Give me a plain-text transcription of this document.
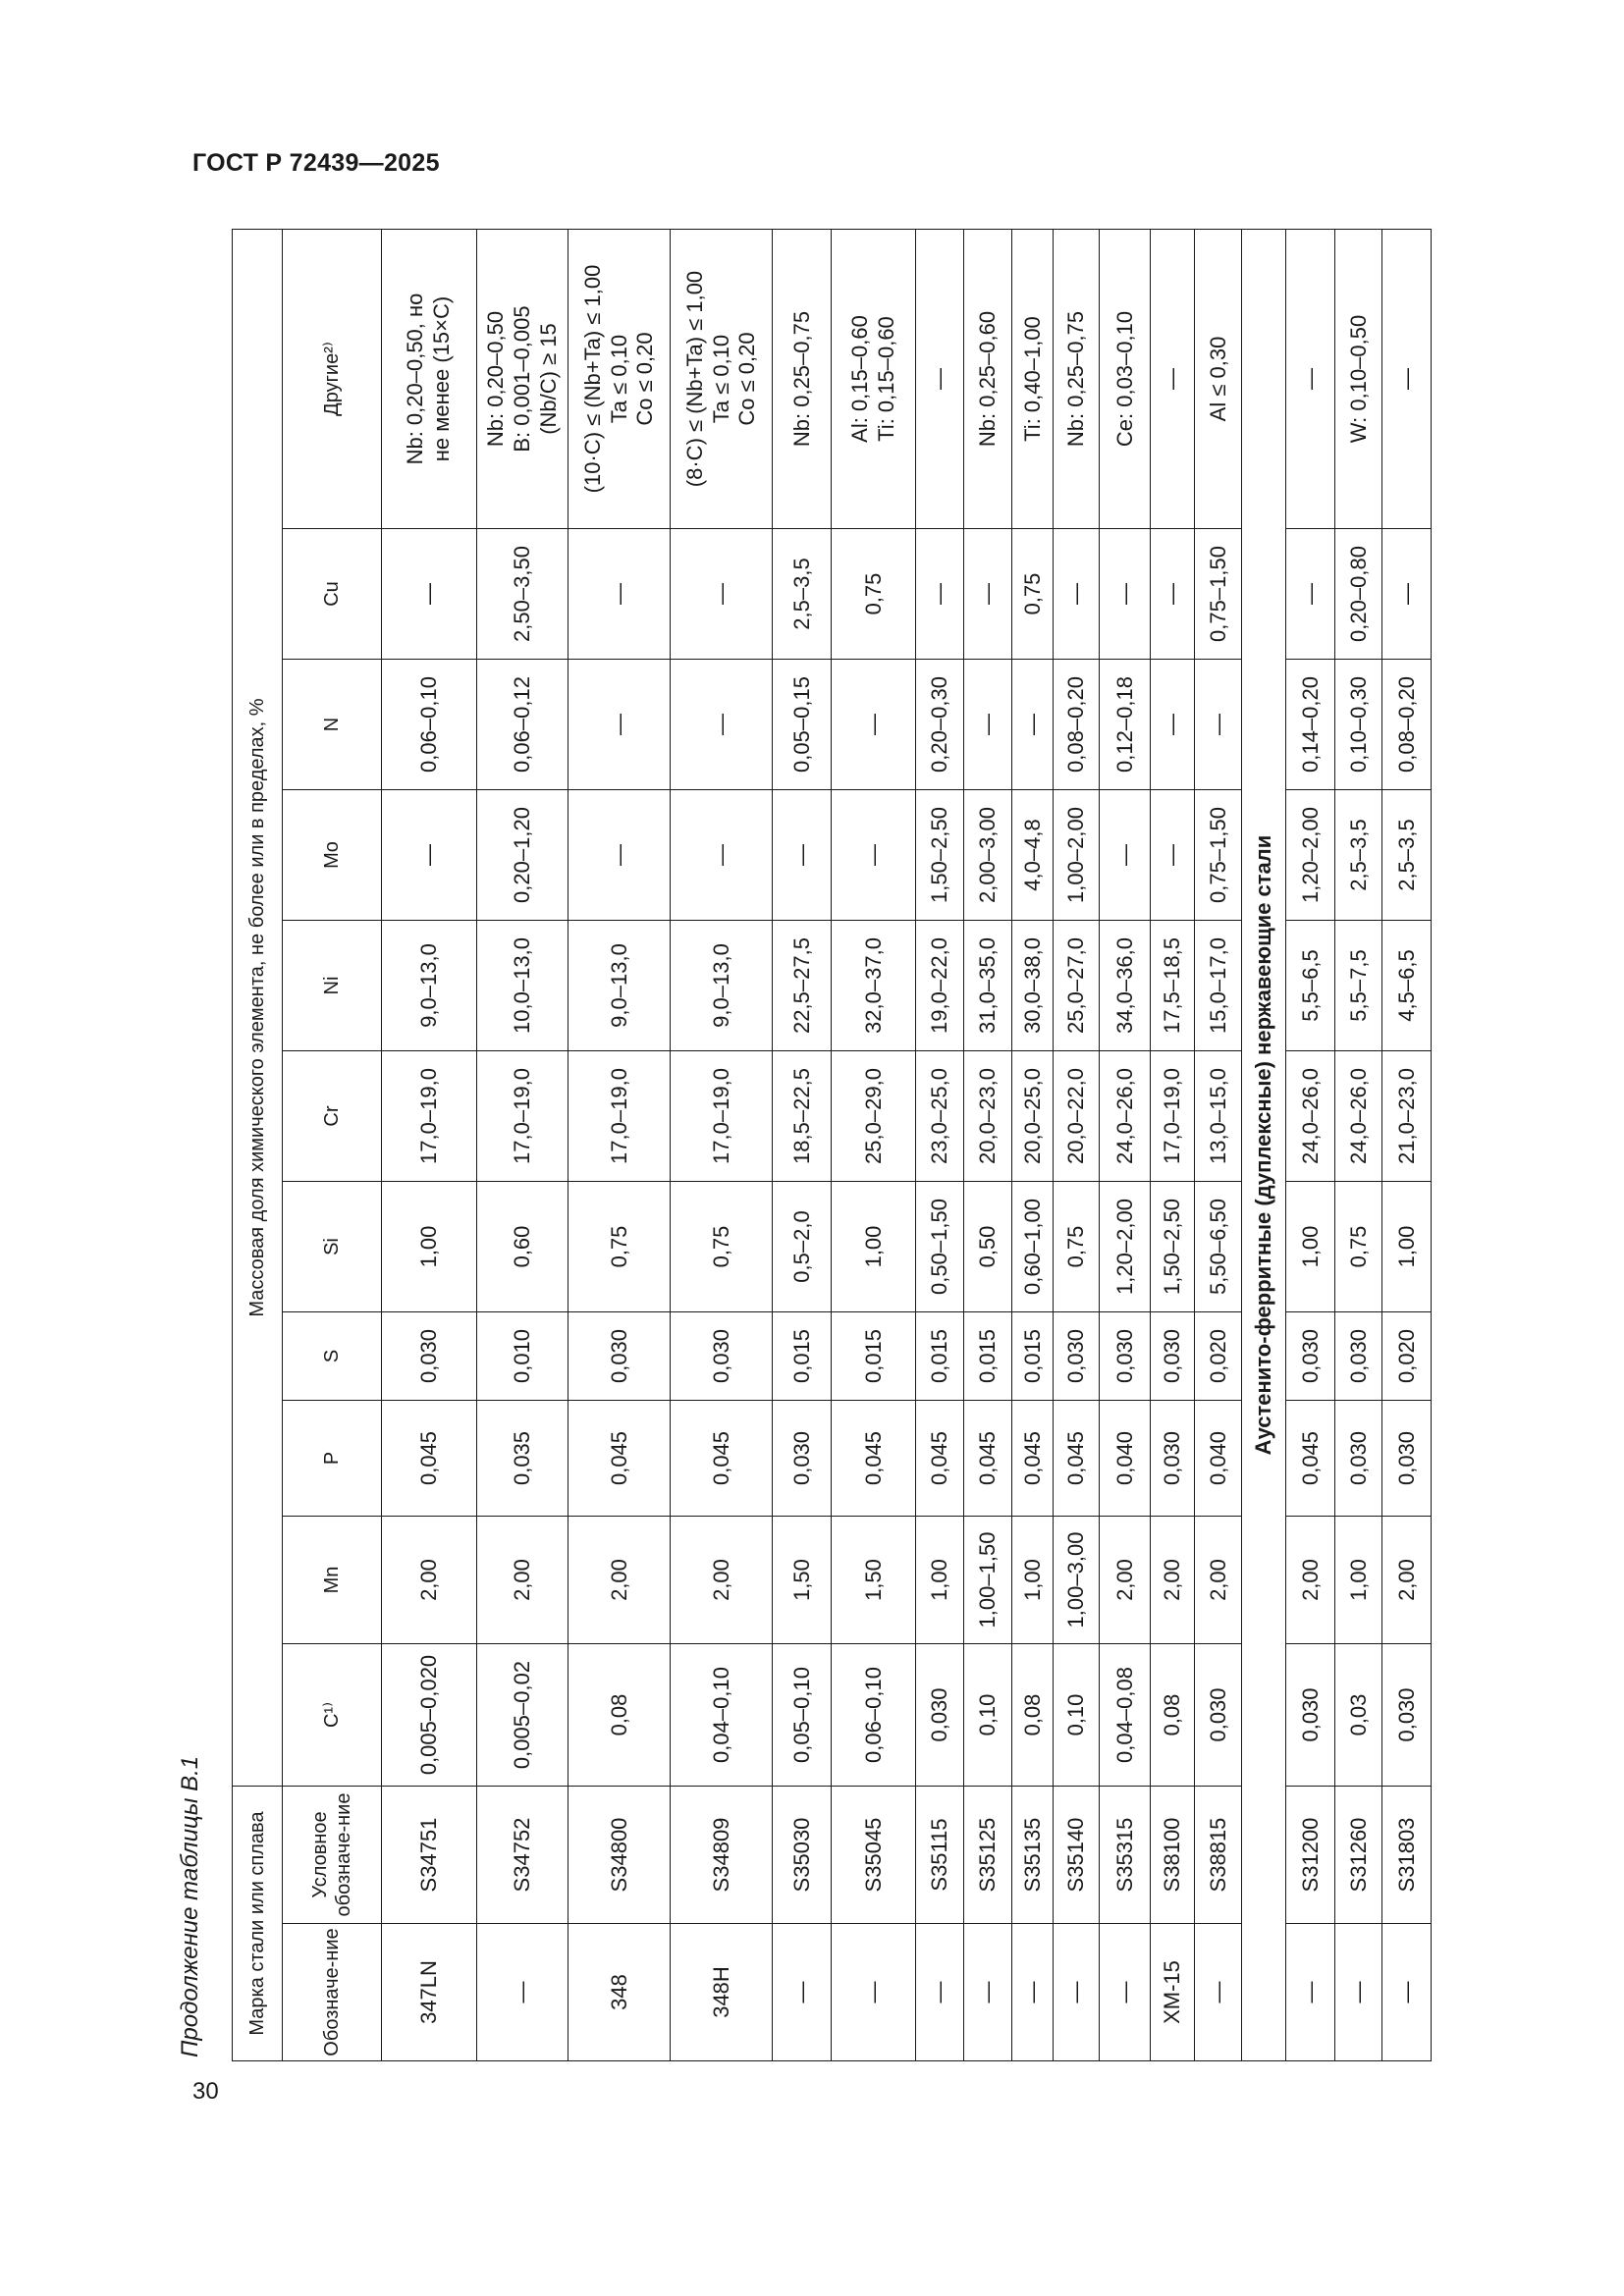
ГОСТ Р 72439—2025
30
Продолжение таблицы В.1	Марка стали или сплава		Массовая доля химического элемента, не более или в пределах, %										
Обозначе-ние	Условное обозначе-ние	C¹⁾	Mn	P	S	Si	Cr	Ni	Mo	N	Cu	Другие²⁾
347LN	S34751	0,005–0,020	2,00	0,045	0,030	1,00	17,0–19,0	9,0–13,0	—	0,06–0,10	—	Nb: 0,20–0,50, но не менее (15×C)

—	S34752	0,005–0,02	2,00	0,035	0,010	0,60	17,0–19,0	10,0–13,0	0,20–1,20	0,06–0,12	2,50–3,50	Nb: 0,20–0,50 B: 0,001–0,005 (Nb/C) ≥ 15

348	S34800	0,08	2,00	0,045	0,030	0,75	17,0–19,0	9,0–13,0	—	—	—	(10·C) ≤ (Nb+Ta) ≤ 1,00 Ta ≤ 0,10 Co ≤ 0,20

348H	S34809	0,04–0,10	2,00	0,045	0,030	0,75	17,0–19,0	9,0–13,0	—	—	—	(8·C) ≤ (Nb+Ta) ≤ 1,00 Ta ≤ 0,10 Co ≤ 0,20

—	S35030	0,05–0,10	1,50	0,030	0,015	0,5–2,0	18,5–22,5	22,5–27,5	—	0,05–0,15	2,5–3,5	Nb: 0,25–0,75

—	S35045	0,06–0,10	1,50	0,045	0,015	1,00	25,0–29,0	32,0–37,0	—	—	0,75	Al: 0,15–0,60 Ti: 0,15–0,60

—	S35115	0,030	1,00	0,045	0,015	0,50–1,50	23,0–25,0	19,0–22,0	1,50–2,50	0,20–0,30	—	—

—	S35125	0,10	1,00–1,50	0,045	0,015	0,50	20,0–23,0	31,0–35,0	2,00–3,00	—	—	Nb: 0,25–0,60

—	S35135	0,08	1,00	0,045	0,015	0,60–1,00	20,0–25,0	30,0–38,0	4,0–4,8	—	0,75	Ti: 0,40–1,00

—	S35140	0,10	1,00–3,00	0,045	0,030	0,75	20,0–22,0	25,0–27,0	1,00–2,00	0,08–0,20	—	Nb: 0,25–0,75

—	S35315	0,04–0,08	2,00	0,040	0,030	1,20–2,00	24,0–26,0	34,0–36,0	—	0,12–0,18	—	Ce: 0,03–0,10

XM-15	S38100	0,08	2,00	0,030	0,030	1,50–2,50	17,0–19,0	17,5–18,5	—	—	—	—

—	S38815	0,030	2,00	0,040	0,020	5,50–6,50	13,0–15,0	15,0–17,0	0,75–1,50	—	0,75–1,50	Al ≤ 0,30

Аустенито-ферритные (дуплексные) нержавеющие стали												
—	S31200	0,030	2,00	0,045	0,030	1,00	24,0–26,0	5,5–6,5	1,20–2,00	0,14–0,20	—	—

—	S31260	0,03	1,00	0,030	0,030	0,75	24,0–26,0	5,5–7,5	2,5–3,5	0,10–0,30	0,20–0,80	W: 0,10–0,50

—	S31803	0,030	2,00	0,030	0,020	1,00	21,0–23,0	4,5–6,5	2,5–3,5	0,08–0,20	—	—
